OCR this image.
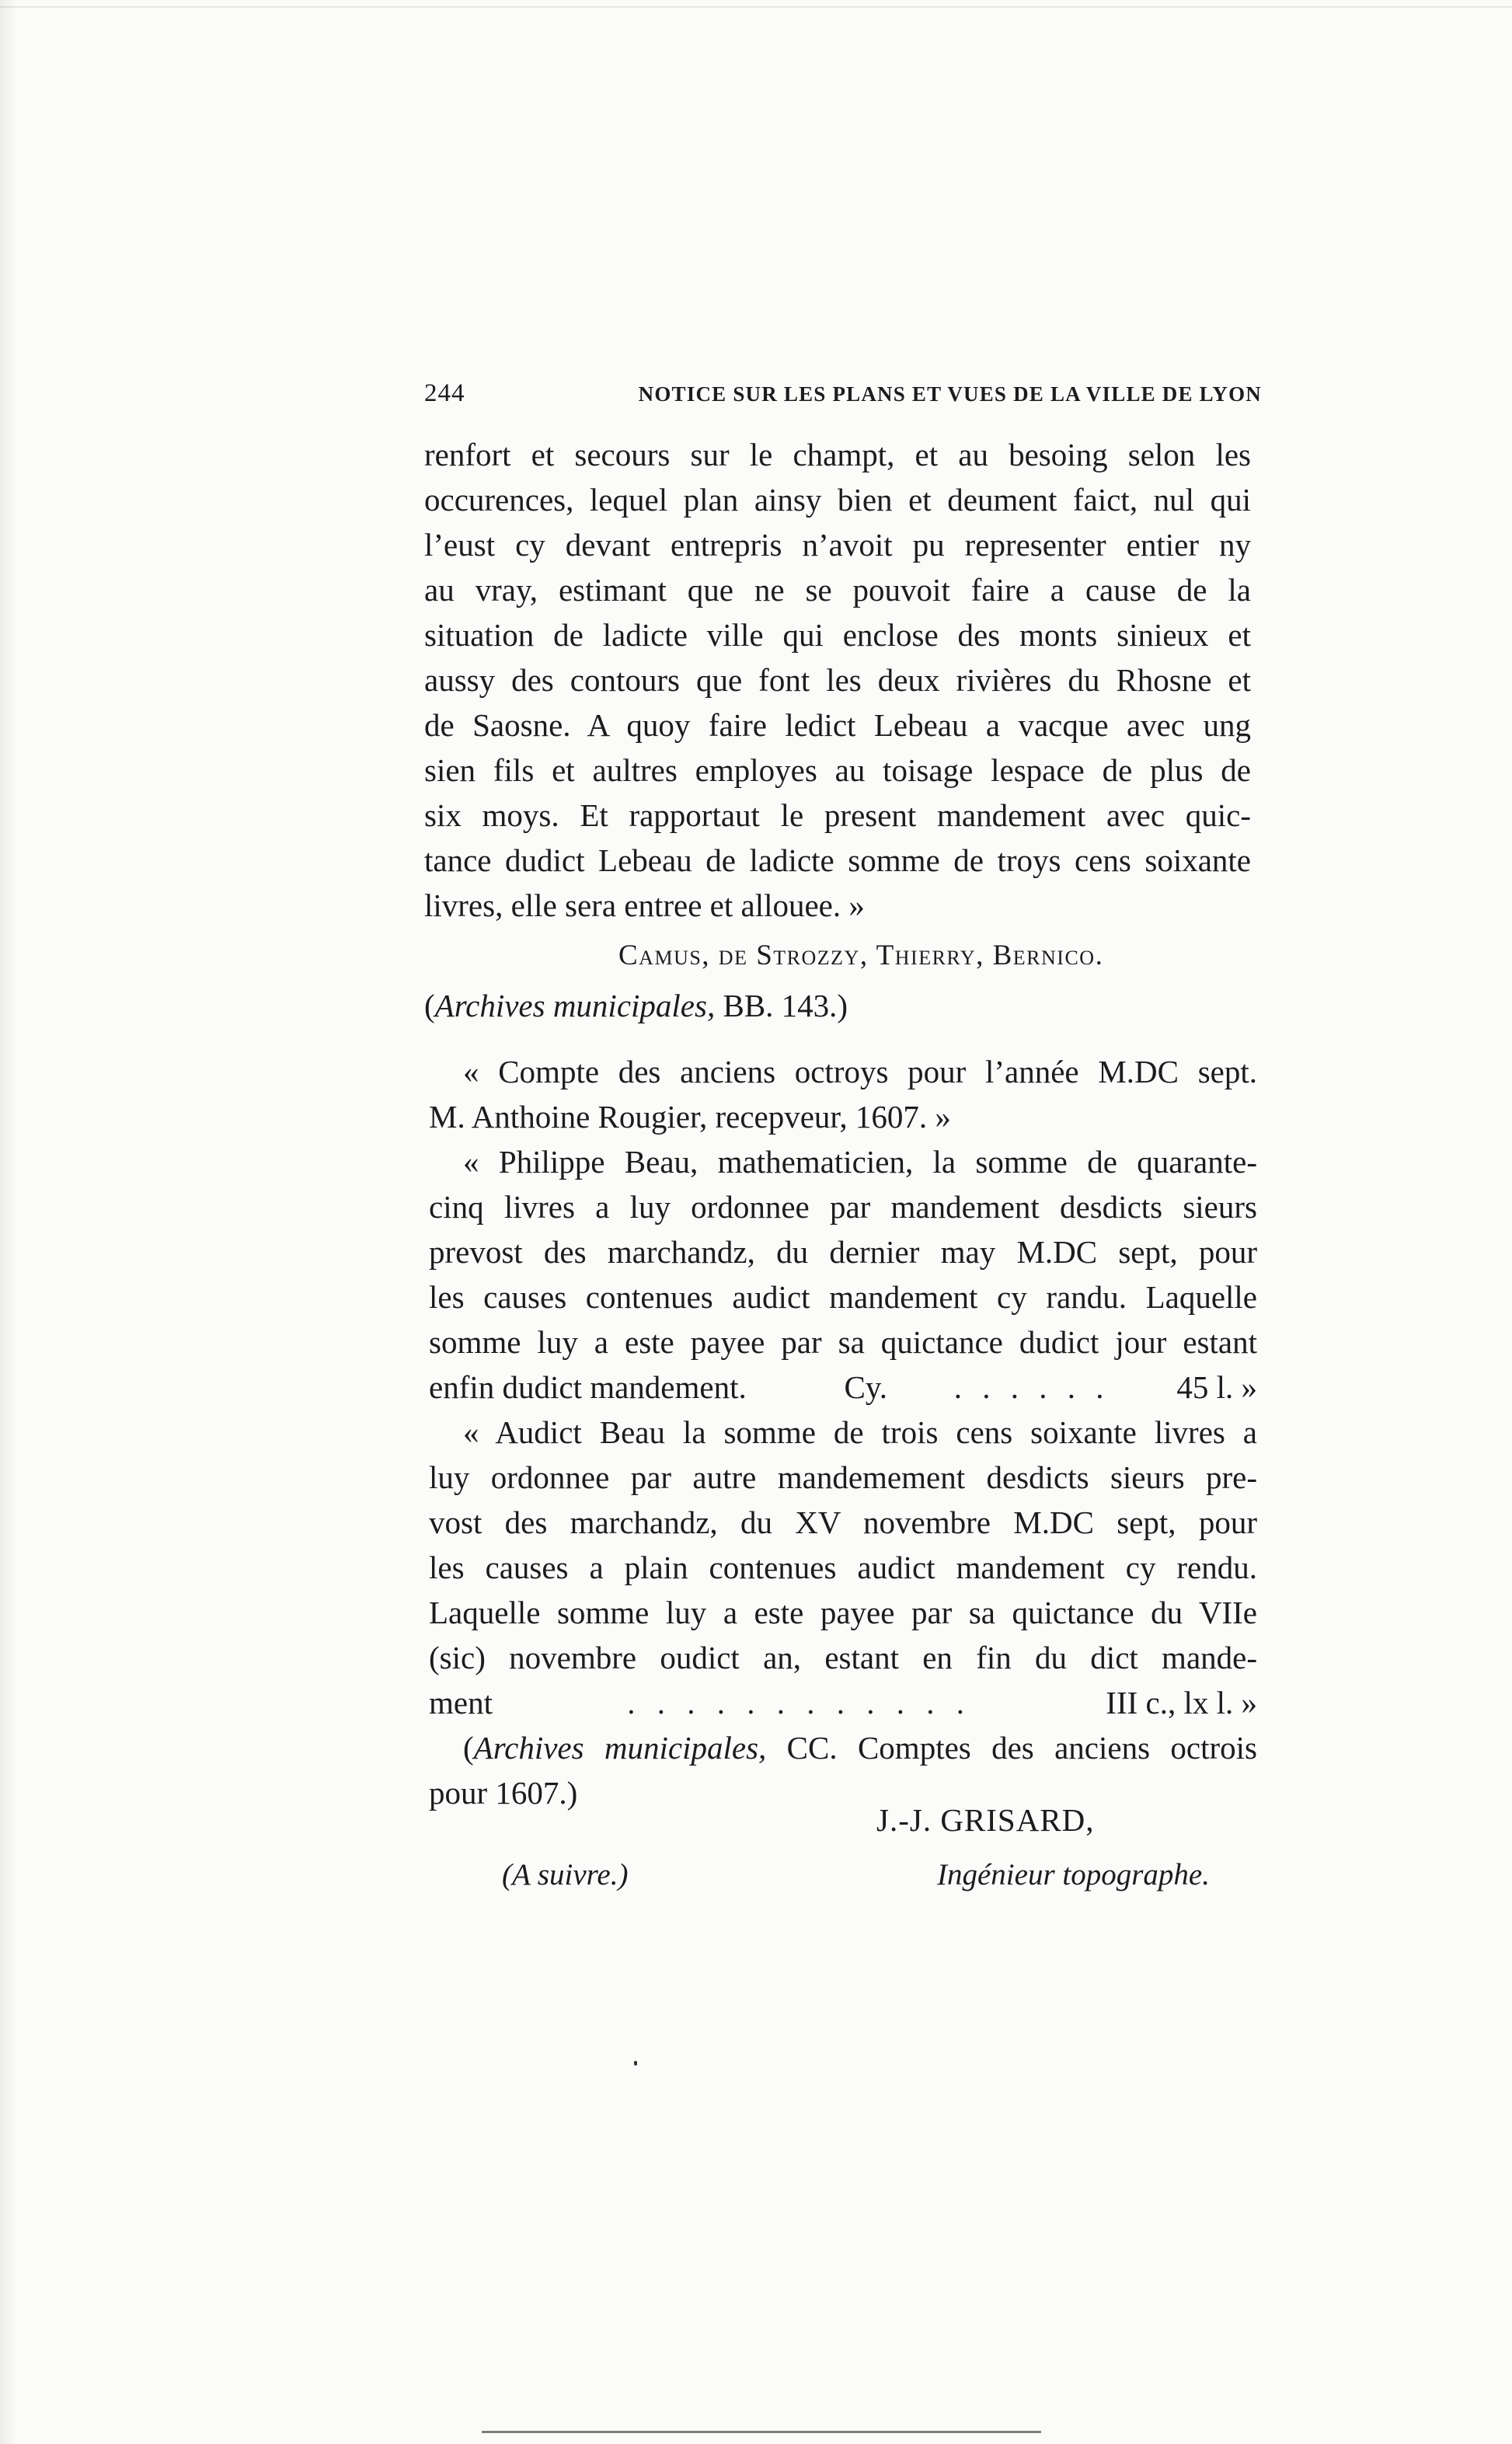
244	NOTICE SUR LES PLANS ET VUES DE LA VILLE DE LYON
renfort et secours sur le champt, et au besoing selon les
occurences, lequel plan ainsy bien et deument faict, nul qui
l’eust cy devant entrepris n’avoit pu representer entier ny
au vray, estimant que ne se pouvoit faire a cause de la
situation de ladicte ville qui enclose des monts sinieux et
aussy des contours que font les deux rivières du Rhosne et
de Saosne. A quoy faire ledict Lebeau a vacque avec ung
sien fils et aultres employes au toisage lespace de plus de
six moys. Et rapportaut le present mandement avec quic-
tance dudict Lebeau de ladicte somme de troys cens soixante
livres, elle sera entree et allouee. »
Camus, de Strozzy, Thierry, Bernico.
(Archives municipales, BB. 143.)
« Compte des anciens octroys pour l’année M.DC sept.
M. Anthoine Rougier, recepveur, 1607. »
« Philippe Beau, mathematicien, la somme de quarante-
cinq livres a luy ordonnee par mandement desdicts sieurs
prevost des marchandz, du dernier may M.DC sept, pour
les causes contenues audict mandement cy randu. Laquelle
somme luy a este payee par sa quictance dudict jour estant
enfin dudict mandement.	Cy. . . . . . . 45 l. »
« Audict Beau la somme de trois cens soixante livres a
luy ordonnee par autre mandemement desdicts sieurs pre-
vost des marchandz, du XV novembre M.DC sept, pour
les causes a plain contenues audict mandement cy rendu.
Laquelle somme luy a este payee par sa quictance du VIIe
(sic) novembre oudict an, estant en fin du dict mande-
ment	. . . . . . . . . . . .	III c., lx l. »
(Archives municipales, CC. Comptes des anciens octrois
pour 1607.)
J.-J. GRISARD,
(A suivre.)	Ingénieur topographe.
